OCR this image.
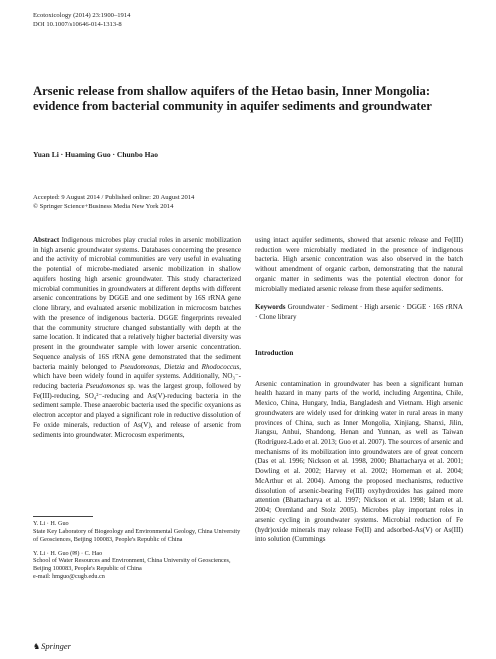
Ecotoxicology (2014) 23:1900–1914
DOI 10.1007/s10646-014-1313-8
Arsenic release from shallow aquifers of the Hetao basin, Inner Mongolia: evidence from bacterial community in aquifer sediments and groundwater
Yuan Li · Huaming Guo · Chunbo Hao
Accepted: 9 August 2014 / Published online: 20 August 2014
© Springer Science+Business Media New York 2014

Abstract Indigenous microbes play crucial roles in arsenic mobilization in high arsenic groundwater systems. Databases concerning the presence and the activity of microbial communities are very useful in evaluating the potential of microbe-mediated arsenic mobilization in shallow aquifers hosting high arsenic groundwater. This study characterized microbial communities in groundwaters at different depths with different arsenic concentrations by DGGE and one sediment by 16S rRNA gene clone library, and evaluated arsenic mobilization in microcosm batches with the presence of indigenous bacteria. DGGE fingerprints revealed that the community structure changed substantially with depth at the same location. It indicated that a relatively higher bacterial diversity was present in the groundwater sample with lower arsenic concentration. Sequence analysis of 16S rRNA gene demonstrated that the sediment bacteria mainly belonged to Pseudomonas, Dietzia and Rhodococcus, which have been widely found in aquifer systems. Additionally, NO₃⁻-reducing bacteria Pseudomonas sp. was the largest group, followed by Fe(III)-reducing, SO₄²⁻-reducing and As(V)-reducing bacteria in the sediment sample. These anaerobic bacteria used the specific oxyanions as electron acceptor and played a significant role in reductive dissolution of Fe oxide minerals, reduction of As(V), and release of arsenic from sediments into groundwater. Microcosm experiments,

using intact aquifer sediments, showed that arsenic release and Fe(III) reduction were microbially mediated in the presence of indigenous bacteria. High arsenic concentration was also observed in the batch without amendment of organic carbon, demonstrating that the natural organic matter in sediments was the potential electron donor for microbially mediated arsenic release from these aquifer sediments.

Keywords Groundwater · Sediment · High arsenic · DGGE · 16S rRNA · Clone library

Introduction

Arsenic contamination in groundwater has been a significant human health hazard in many parts of the world, including Argentina, Chile, Mexico, China, Hungary, India, Bangladesh and Vietnam. High arsenic groundwaters are widely used for drinking water in rural areas in many provinces of China, such as Inner Mongolia, Xinjiang, Shanxi, Jilin, Jiangsu, Anhui, Shandong, Henan and Yunnan, as well as Taiwan (Rodríguez-Lado et al. 2013; Guo et al. 2007). The sources of arsenic and mechanisms of its mobilization into groundwaters are of great concern (Das et al. 1996; Nickson et al. 1998, 2000; Bhattacharya et al. 2001; Dowling et al. 2002; Harvey et al. 2002; Horneman et al. 2004; McArthur et al. 2004). Among the proposed mechanisms, reductive dissolution of arsenic-bearing Fe(III) oxyhydroxides has gained more attention (Bhattacharya et al. 1997; Nickson et al. 1998; Islam et al. 2004; Oremland and Stolz 2005). Microbes play important roles in arsenic cycling in groundwater systems. Microbial reduction of Fe (hydr)oxide minerals may release Fe(II) and adsorbed-As(V) or As(III) into solution (Cummings

Y. Li · H. Guo

State Key Laboratory of Biogeology and Environmental Geology, China University of Geosciences, Beijing 100083, People's Republic of China

Y. Li · H. Guo (✉) · C. Hao

School of Water Resources and Environment, China University of Geosciences, Beijing 100083, People's Republic of China

e-mail: hmguo@cugb.edu.cn

♞Springer
